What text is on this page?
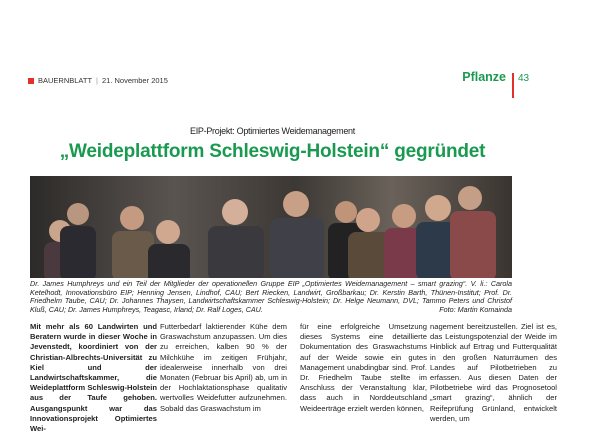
BAUERNBLATT | 21. November 2015	Pflanze 43
EIP-Projekt: Optimiertes Weidemanagement
„Weideplattform Schleswig-Holstein“ gegründet
Dr. James Humphreys und ein Teil der Mitglieder der operationellen Gruppe EIP „Optimiertes Weidemanagement – smart grazing“. V. li.: Carola Ketelhodt, Innovationsbüro EIP; Henning Jensen, Lindhof, CAU; Bert Riecken, Landwirt, Großbarkau; Dr. Kerstin Barth, Thünen-Institut; Prof. Dr. Friedhelm Taube, CAU; Dr. Johannes Thaysen, Landwirtschaftskammer Schleswig-Holstein; Dr. Helge Neumann, DVL; Tammo Peters und Christof Kluß, CAU; Dr. James Humphreys, Teagasc, Irland; Dr. Ralf Loges, CAU.	Foto: Martin Komainda
Mit mehr als 60 Landwirten und Beratern wurde in dieser Woche in Jevenstedt, koordiniert von der Christian-Albrechts-Universität zu Kiel und der Landwirtschaftskammer, die Weideplattform Schleswig-Holstein aus der Taufe gehoben. Ausgangspunkt war das Innovationsprojekt Optimiertes Wei-
Futterbedarf laktierender Kühe dem Graswachstum anzupassen. Um dies zu erreichen, kalben 90 % der Milchkühe im zeitigen Frühjahr, idealerweise innerhalb von drei Monaten (Februar bis April) ab, um in der Hochlaktationsphase qualitativ wertvolles Weidefutter aufzunehmen. Sobald das Graswachstum im
für eine erfolgreiche Umsetzung dieses Systems eine detaillierte Dokumentation des Graswachstums auf der Weide sowie ein gutes Management unabdingbar sind. Prof. Dr. Friedhelm Taube stellte im Anschluss der Veranstaltung klar, dass auch in Norddeutschland Weideerträge erzielt werden können,
nagement bereitzustellen. Ziel ist es, das Leistungspotenzial der Weide im Hinblick auf Ertrag und Futterqualität in den großen Naturräumen des Landes auf Pilotbetrieben zu erfassen. Aus diesen Daten der Pilotbetriebe wird das Prognosetool „smart grazing“, ähnlich der Reifeprüfung Grünland, entwickelt werden, um
